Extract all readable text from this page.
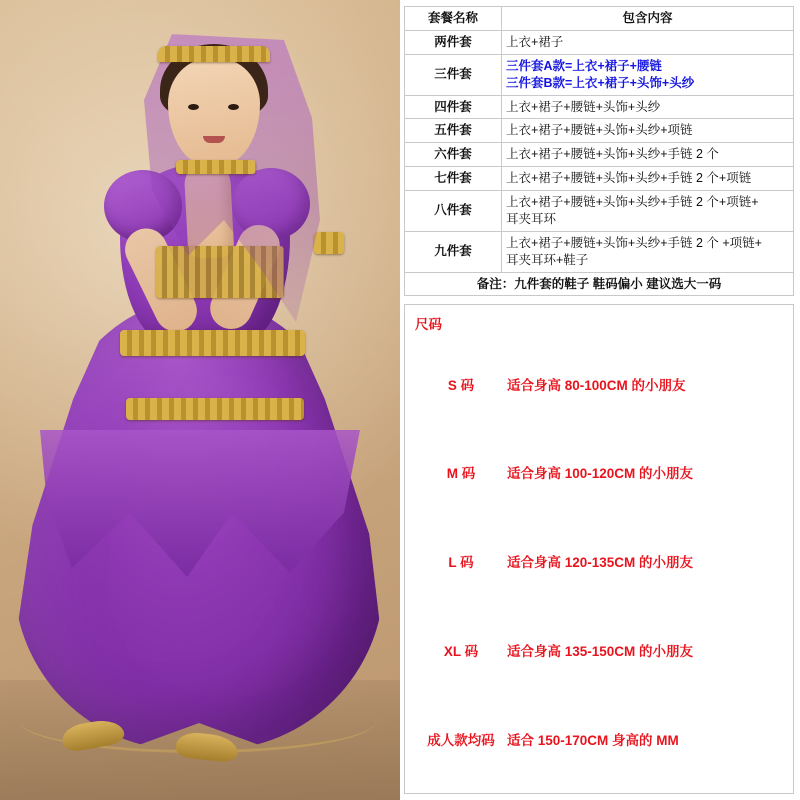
套餐名称	包含内容
两件套	上衣+裙子
三件套	三件套A款=上衣+裙子+腰链
三件套B款=上衣+裙子+头饰+头纱

四件套	上衣+裙子+腰链+头饰+头纱
五件套	上衣+裙子+腰链+头饰+头纱+项链
六件套	上衣+裙子+腰链+头饰+头纱+手链 2 个
七件套	上衣+裙子+腰链+头饰+头纱+手链 2 个+项链
八件套	上衣+裙子+腰链+头饰+头纱+手链 2 个+项链+
耳夹耳环

九件套	上衣+裙子+腰链+头饰+头纱+手链 2 个 +项链+
耳夹耳环+鞋子

备注：九件套的鞋子 鞋码偏小 建议选大一码	
尺码
S 码	适合身高 80-100CM 的小朋友
M 码	适合身高 100-120CM 的小朋友
L 码	适合身高 120-135CM 的小朋友
XL 码	适合身高 135-150CM 的小朋友
成人款均码 适合 150-170CM 身高的 MM
